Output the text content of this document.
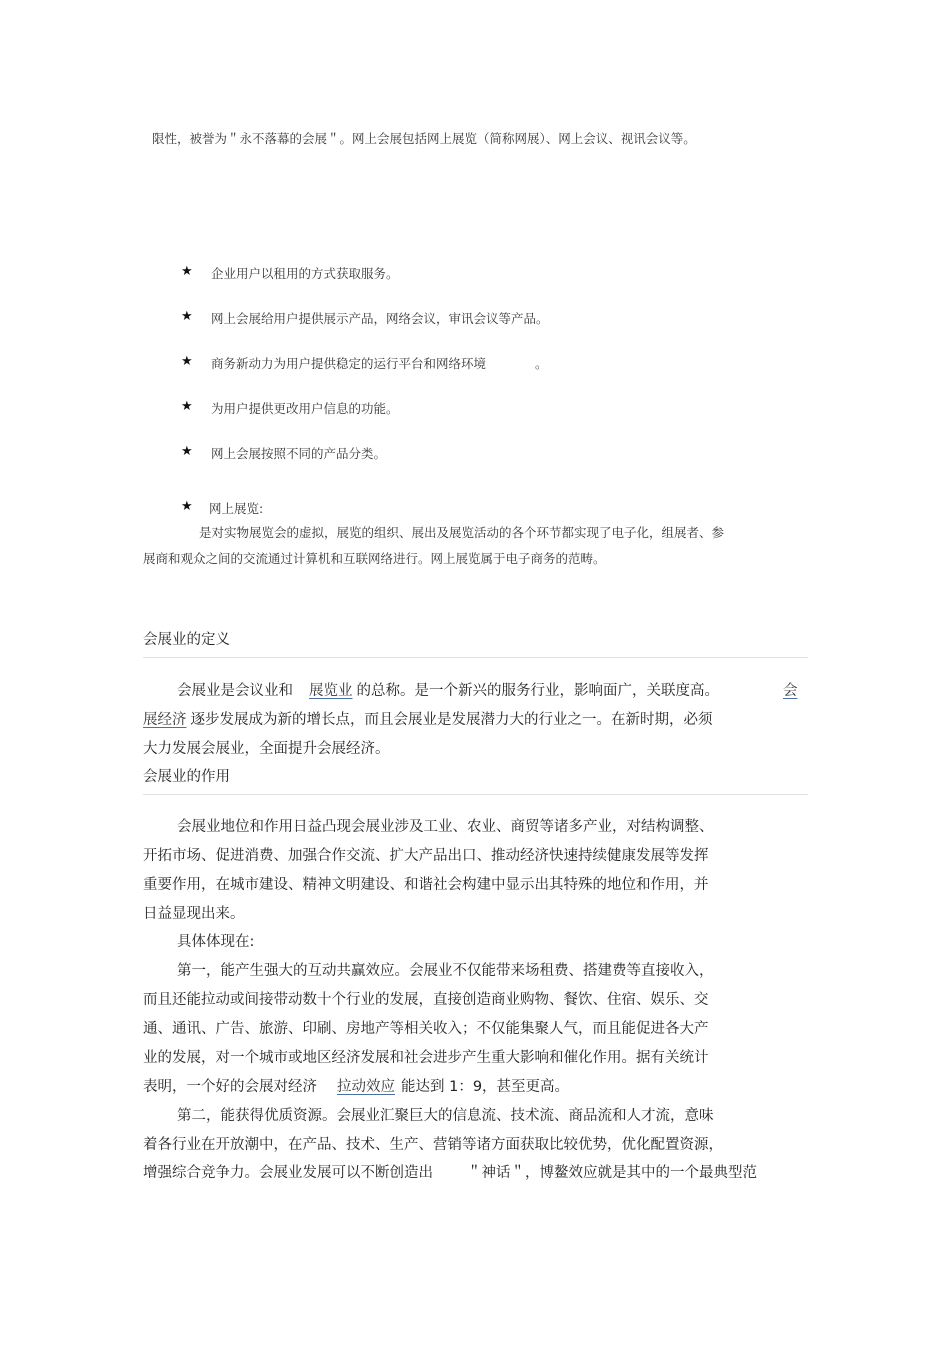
限性，被誉为＂永不落幕的会展＂。网上会展包括网上展览（简称网展）、网上会议、视讯会议等。
★ 企业用户以租用的方式获取服务。
★ 网上会展给用户提供展示产品，网络会议，审讯会议等产品。
★ 商务新动力为用户提供稳定的运行平台和网络环境	。
★ 为用户提供更改用户信息的功能。
★ 网上会展按照不同的产品分类。
★ 网上展览:
是对实物展览会的虚拟，展览的组织、展出及展览活动的各个环节都实现了电子化，组展者、参
展商和观众之间的交流通过计算机和互联网络进行。网上展览属于电子商务的范畴。
会展业的定义
会展业是会议业和 展览业 的总称。是一个新兴的服务行业，影响面广，关联度高。	会
展经济 逐步发展成为新的增长点，而且会展业是发展潜力大的行业之一。在新时期，必须
大力发展会展业，全面提升会展经济。
会展业的作用
会展业地位和作用日益凸现会展业涉及工业、农业、商贸等诸多产业，对结构调整、
开拓市场、促进消费、加强合作交流、扩大产品出口、推动经济快速持续健康发展等发挥
重要作用，在城市建设、精神文明建设、和谐社会构建中显示出其特殊的地位和作用，并
日益显现出来。
具体体现在:
第一，能产生强大的互动共赢效应。会展业不仅能带来场租费、搭建费等直接收入，
而且还能拉动或间接带动数十个行业的发展，直接创造商业购物、餐饮、住宿、娱乐、交
通、通讯、广告、旅游、印刷、房地产等相关收入；不仅能集聚人气，而且能促进各大产
业的发展，对一个城市或地区经济发展和社会进步产生重大影响和催化作用。据有关统计
表明，一个好的会展对经济 拉动效应 能达到 1：9，甚至更高。
第二，能获得优质资源。会展业汇聚巨大的信息流、技术流、商品流和人才流，意味
着各行业在开放潮中，在产品、技术、生产、营销等诸方面获取比较优势，优化配置资源，
增强综合竞争力。会展业发展可以不断创造出 ＂神话＂，博鳌效应就是其中的一个最典型范
